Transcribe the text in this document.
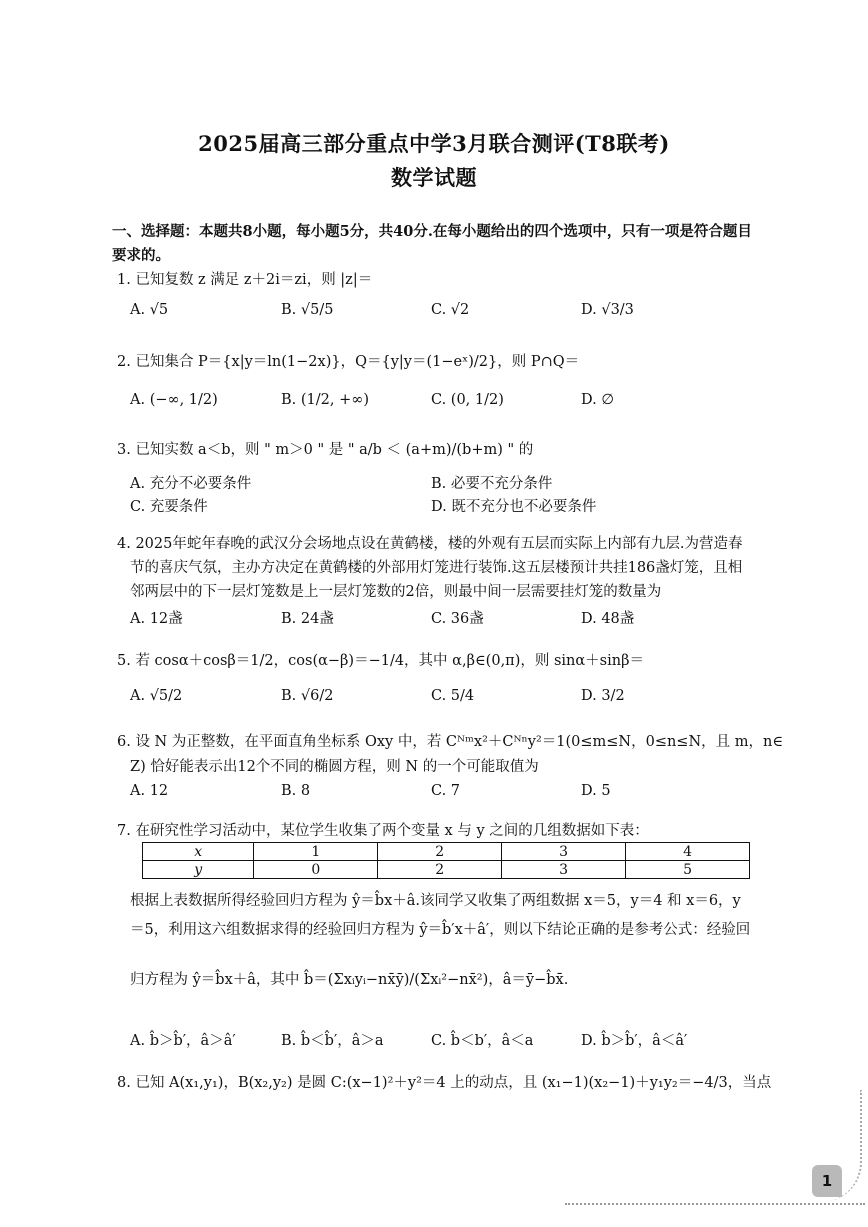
2025届高三部分重点中学3月联合测评(T8联考)
数学试题
一、选择题：本题共8小题，每小题5分，共40分.在每小题给出的四个选项中，只有一项是符合题目
要求的。
1. 已知复数 z 满足 z＋2i＝zi，则 |z|＝
A. √5	B. √5/5	C. √2	D. √3/3
2. 已知集合 P＝{x|y＝ln(1−2x)}，Q＝{y|y＝(1−eˣ)/2}，则 P∩Q＝
A. (−∞, 1/2)	B. (1/2, +∞)	C. (0, 1/2)	D. ∅
3. 已知实数 a＜b，则 " m＞0 " 是 " a/b ＜ (a+m)/(b+m) " 的
A. 充分不必要条件	B. 必要不充分条件
C. 充要条件	D. 既不充分也不必要条件
4. 2025年蛇年春晚的武汉分会场地点设在黄鹤楼，楼的外观有五层而实际上内部有九层.为营造春
节的喜庆气氛，主办方决定在黄鹤楼的外部用灯笼进行装饰.这五层楼预计共挂186盏灯笼，且相
邻两层中的下一层灯笼数是上一层灯笼数的2倍，则最中间一层需要挂灯笼的数量为
A. 12盏	B. 24盏	C. 36盏	D. 48盏
5. 若 cosα＋cosβ＝1/2，cos(α−β)＝−1/4，其中 α,β∈(0,π)，则 sinα＋sinβ＝
A. √5/2	B. √6/2	C. 5/4	D. 3/2
6. 设 N 为正整数，在平面直角坐标系 Oxy 中，若 Cᴺᵐx²＋Cᴺⁿy²＝1(0≤m≤N，0≤n≤N，且 m，n∈
Z) 恰好能表示出12个不同的椭圆方程，则 N 的一个可能取值为
A. 12	B. 8	C. 7	D. 5
7. 在研究性学习活动中，某位学生收集了两个变量 x 与 y 之间的几组数据如下表：
x	1	2	3	4
y	0	2	3	5
根据上表数据所得经验回归方程为 ŷ＝b̂x＋â.该同学又收集了两组数据 x＝5，y＝4 和 x＝6，y
＝5，利用这六组数据求得的经验回归方程为 ŷ＝b̂′x＋â′，则以下结论正确的是参考公式：经验回
归方程为 ŷ＝b̂x＋â，其中 b̂＝(Σxᵢyᵢ−nx̄ȳ)/(Σxᵢ²−nx̄²)，â＝ȳ−b̂x̄.
A. b̂＞b̂′，â＞â′	B. b̂＜b̂′，â＞a	C. b̂＜b′，â＜a	D. b̂＞b̂′，â＜â′
8. 已知 A(x₁,y₁)，B(x₂,y₂) 是圆 C:(x−1)²＋y²＝4 上的动点，且 (x₁−1)(x₂−1)＋y₁y₂＝−4/3，当点
1
